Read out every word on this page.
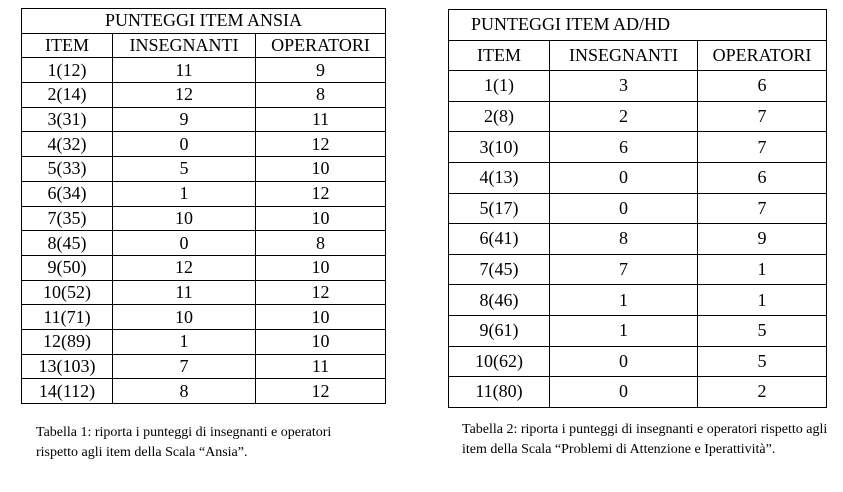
PUNTEGGI ITEM ANSIA		
ITEM	INSEGNANTI	OPERATORI
1(12)	11	9
2(14)	12	8
3(31)	9	11
4(32)	0	12
5(33)	5	10
6(34)	1	12
7(35)	10	10
8(45)	0	8
9(50)	12	10
10(52)	11	12
11(71)	10	10
12(89)	1	10
13(103)	7	11
14(112)	8	12

Tabella 1: riporta i punteggi di insegnanti e operatori rispetto agli item della Scala “Ansia”.

PUNTEGGI ITEM AD/HD		
ITEM	INSEGNANTI	OPERATORI
1(1)	3	6
2(8)	2	7
3(10)	6	7
4(13)	0	6
5(17)	0	7
6(41)	8	9
7(45)	7	1
8(46)	1	1
9(61)	1	5
10(62)	0	5
11(80)	0	2

Tabella 2: riporta i punteggi di insegnanti e operatori rispetto agli item della Scala “Problemi di Attenzione e Iperattività”.
